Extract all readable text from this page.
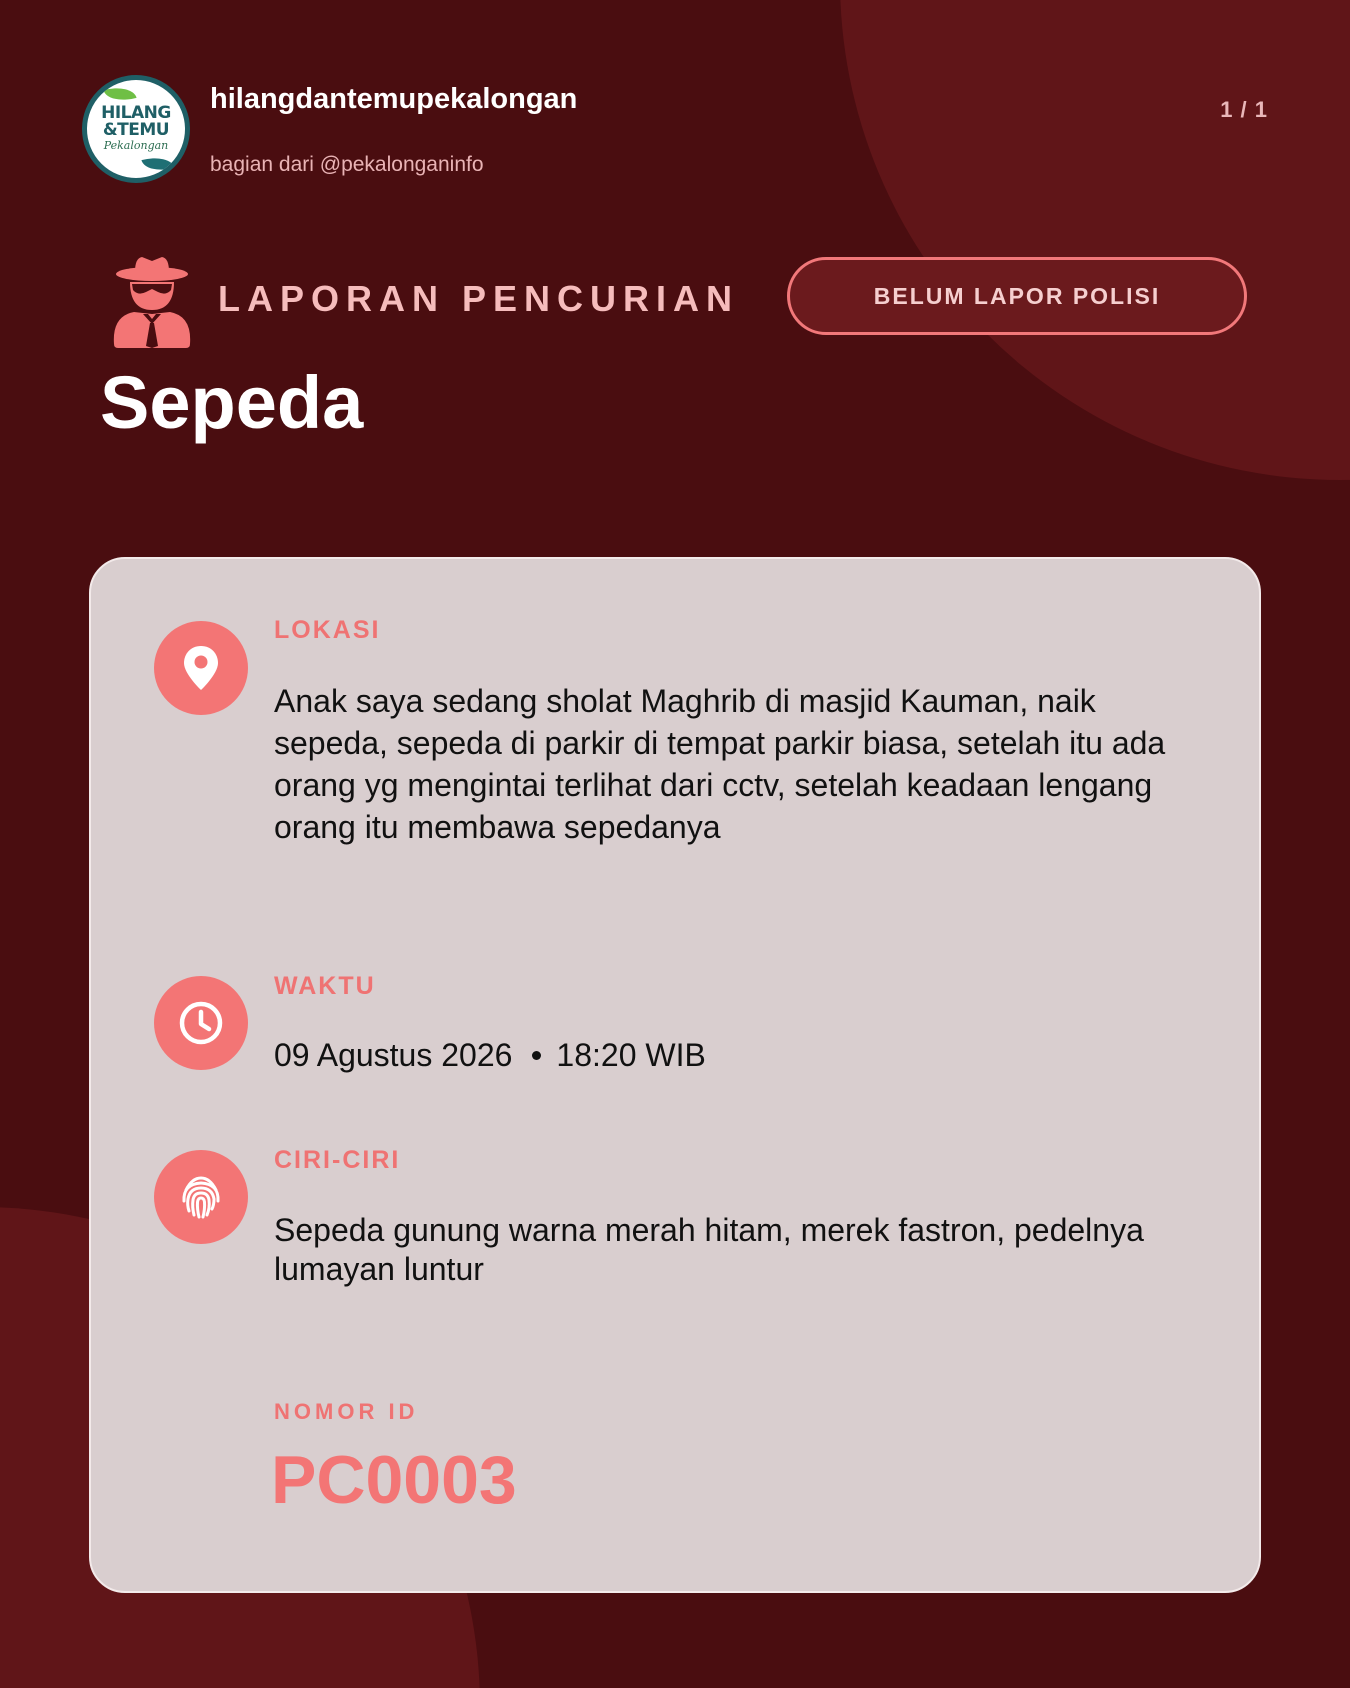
HILANG
&TEMU
Pekalongan
hilangdantemupekalongan
bagian dari @pekalonganinfo
1 / 1
LAPORAN PENCURIAN	BELUM LAPOR POLISI
Sepeda
LOKASI
Anak saya sedang sholat Maghrib di masjid Kauman, naik sepeda, sepeda di parkir di tempat parkir biasa, setelah itu ada orang yg mengintai terlihat dari cctv, setelah keadaan lengang orang itu membawa sepedanya
WAKTU
09 Agustus 2026 18:20 WIB
CIRI-CIRI
Sepeda gunung warna merah hitam, merek fastron, pedelnya lumayan luntur
NOMOR ID
PC0003
